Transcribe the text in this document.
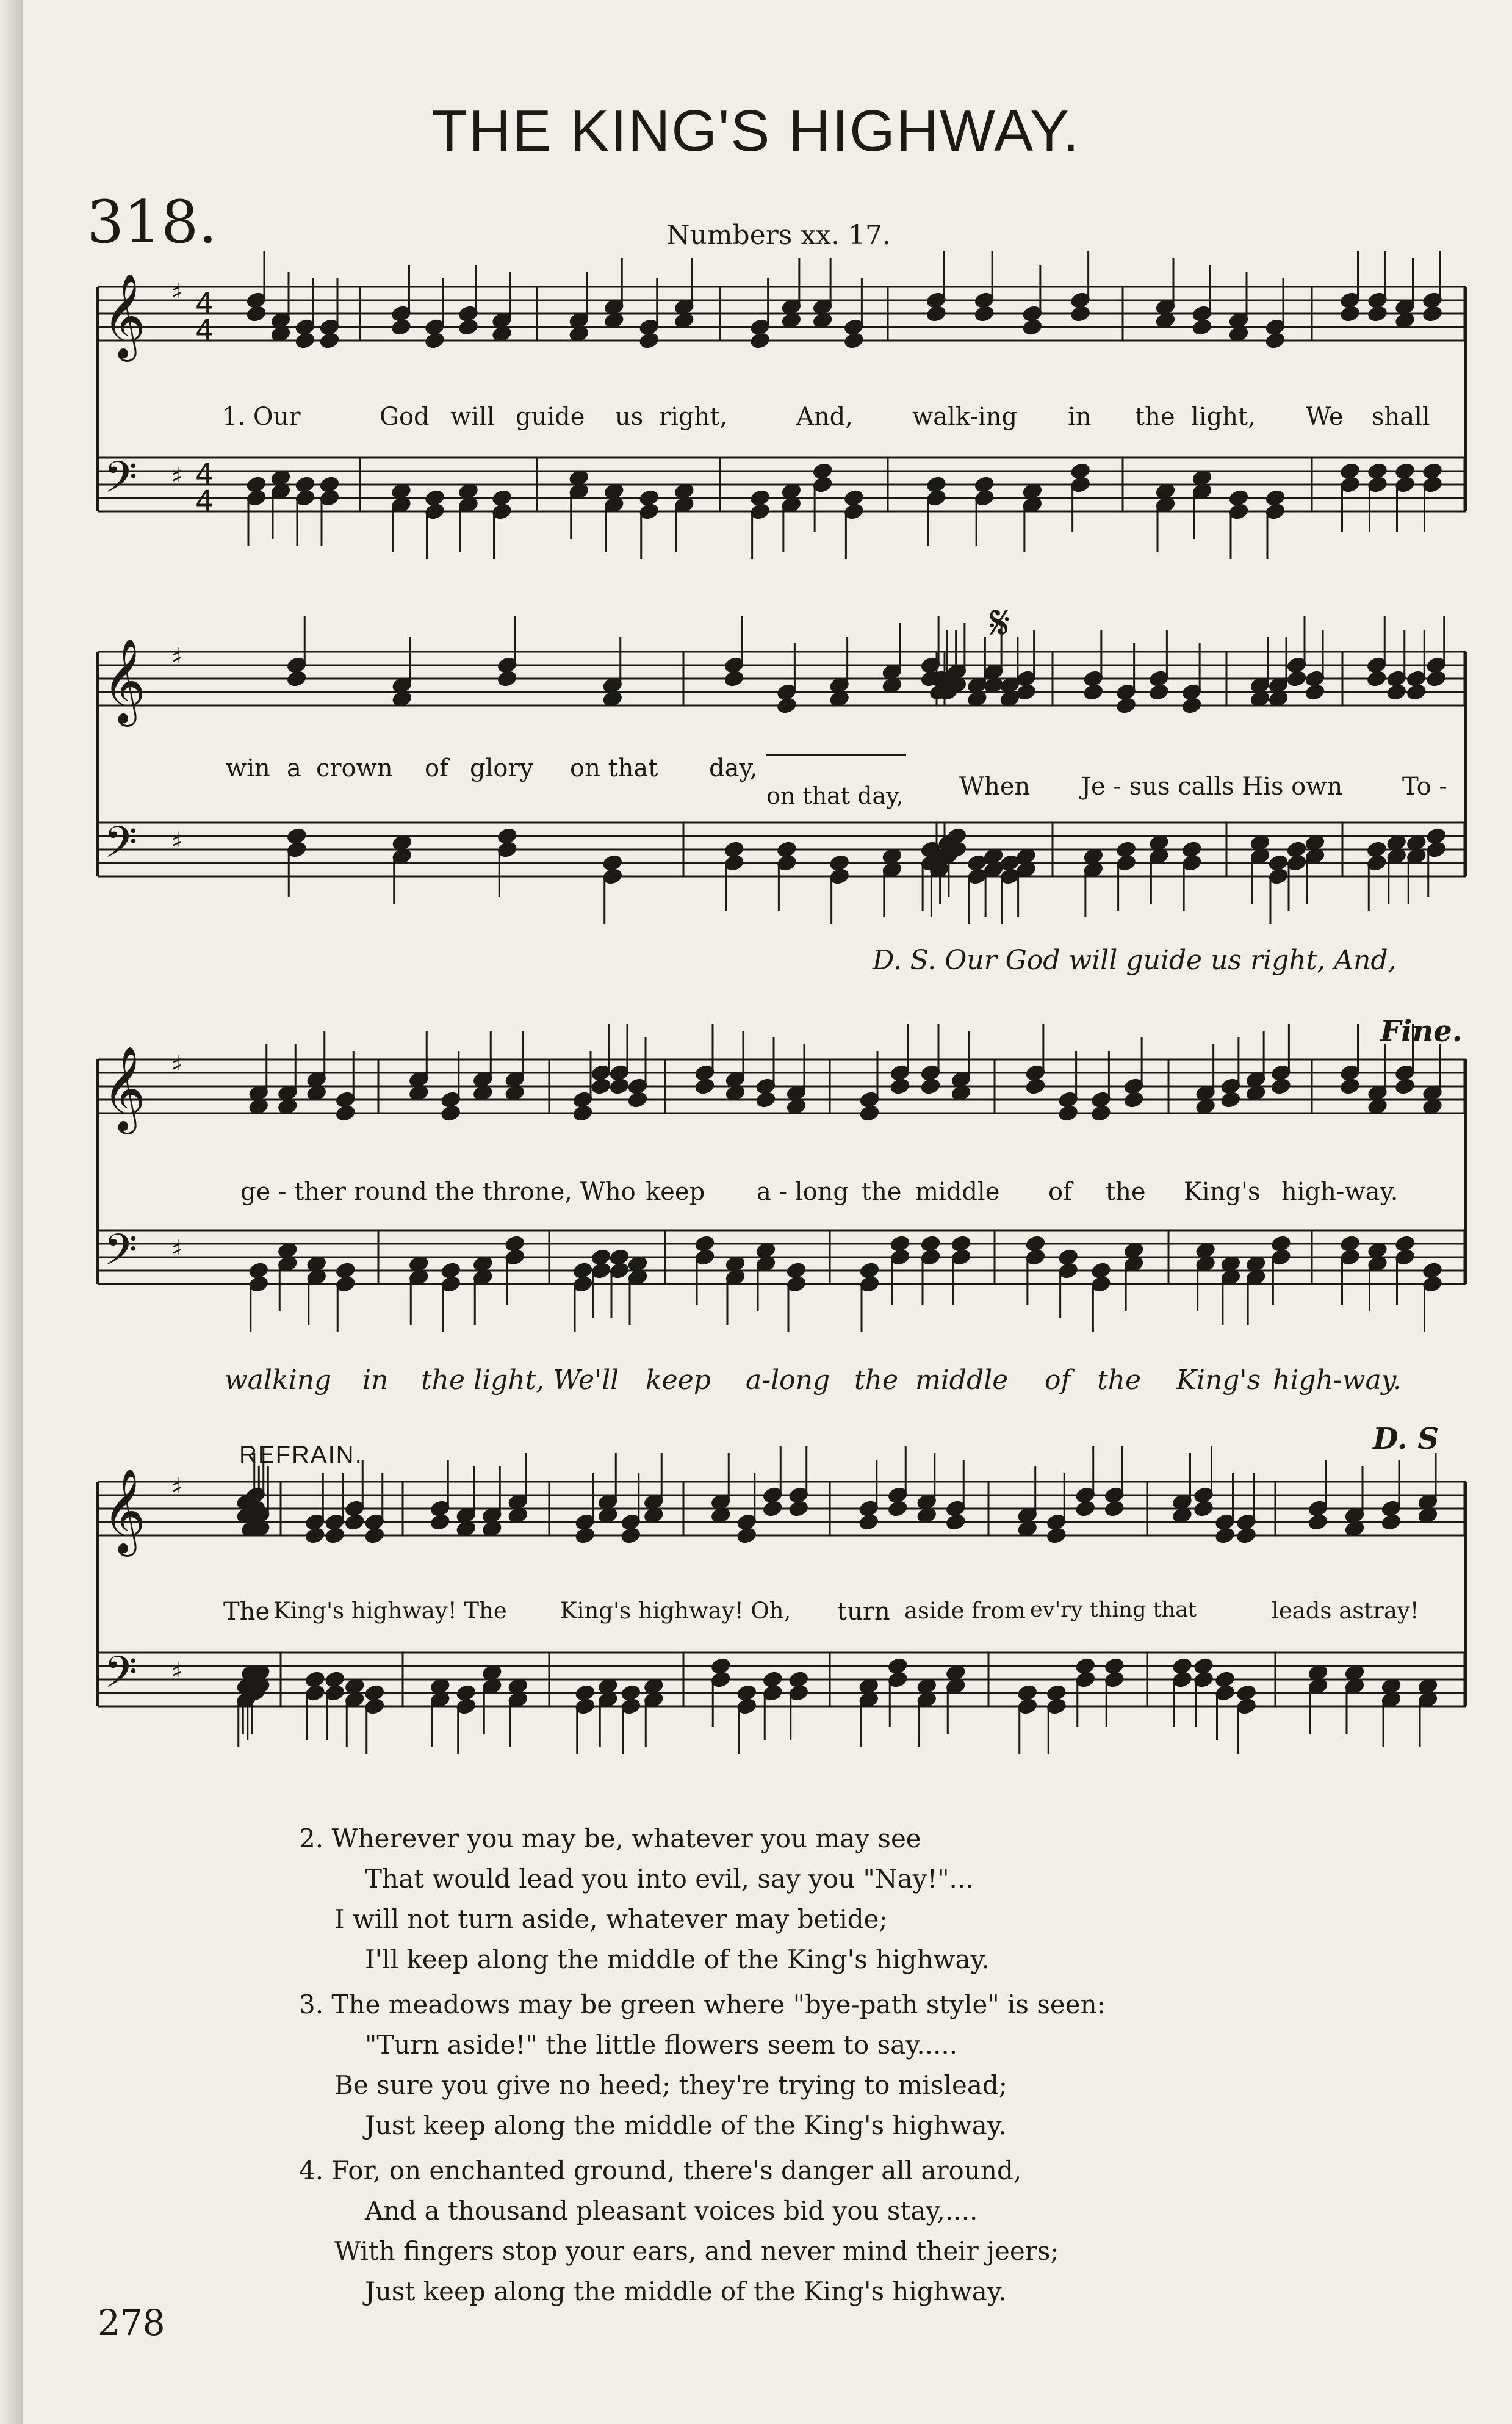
THE KING'S HIGHWAY.
318.	Numbers xx. 17.
𝄞
𝄢
♯
♯
4
4
4
4
𝄞
𝄢
♯
♯
𝄞
𝄢
♯
♯
𝄞
𝄢
♯
♯
1. Our	God will guide us right,	And, walk-ing in the light, We shall
win a crown of glory on that day,
on that day, When Je - sus calls His own To -
𝄋
D. S. Our God will guide us right, And,
ge - ther round the throne, Who keep a - long the middle of the King's high-way.
Fine.
walking in the light, We'll keep a-long the middle of the King's high-way.
REFRAIN.	D. S
The King's highway! The King's highway! Oh, turn aside from ev'ry thing that	leads astray!
2. Wherever you may be, whatever you may see
That would lead you into evil, say you "Nay!"...
I will not turn aside, whatever may betide;
I'll keep along the middle of the King's highway.
3. The meadows may be green where "bye-path style" is seen:
"Turn aside!" the little flowers seem to say.....
Be sure you give no heed; they're trying to mislead;
Just keep along the middle of the King's highway.
4. For, on enchanted ground, there's danger all around,
And a thousand pleasant voices bid you stay,....
With fingers stop your ears, and never mind their jeers;
Just keep along the middle of the King's highway.
278
